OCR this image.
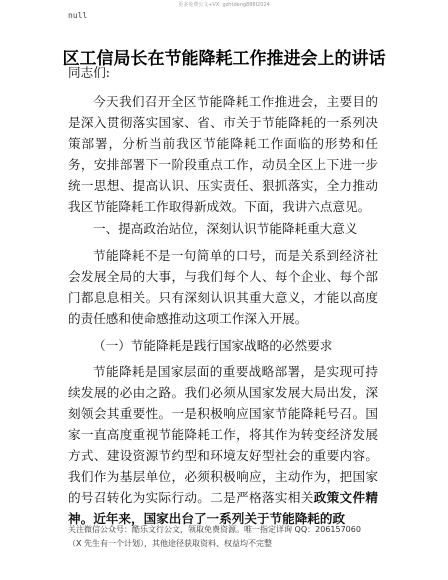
更多免费公文+VX: gzhtdeng888I2024
null
区工信局长在节能降耗工作推进会上的讲话

同志们:

今天我们召开全区节能降耗工作推进会，主要目的是深入贯彻落实国家、省、市关于节能降耗的一系列决策部署，分析当前我区节能降耗工作面临的形势和任务，安排部署下一阶段重点工作，动员全区上下进一步统一思想、提高认识、压实责任、狠抓落实，全力推动我区节能降耗工作取得新成效。下面，我讲六点意见。

一、提高政治站位，深刻认识节能降耗重大意义

节能降耗不是一句简单的口号，而是关系到经济社会发展全局的大事，与我们每个人、每个企业、每个部门都息息相关。只有深刻认识其重大意义，才能以高度的责任感和使命感推动这项工作深入开展。

（一）节能降耗是践行国家战略的必然要求

节能降耗是国家层面的重要战略部署，是实现可持续发展的必由之路。我们必须从国家发展大局出发，深刻领会其重要性。一是积极响应国家节能降耗号召。国家一直高度重视节能降耗工作，将其作为转变经济发展方式、建设资源节约型和环境友好型社会的重要内容。我们作为基层单位，必须积极响应，主动作为，把国家的号召转化为实际行动。二是严格落实相关政策文件精神。近年来，国家出台了一系列关于节能降耗的政

关注微信公众号：酷乐文行公文，领取免费资源。唯一指定详询 QQ：206157060
（X 先生有一个计划），其他途径获取资料、权益均不完整
